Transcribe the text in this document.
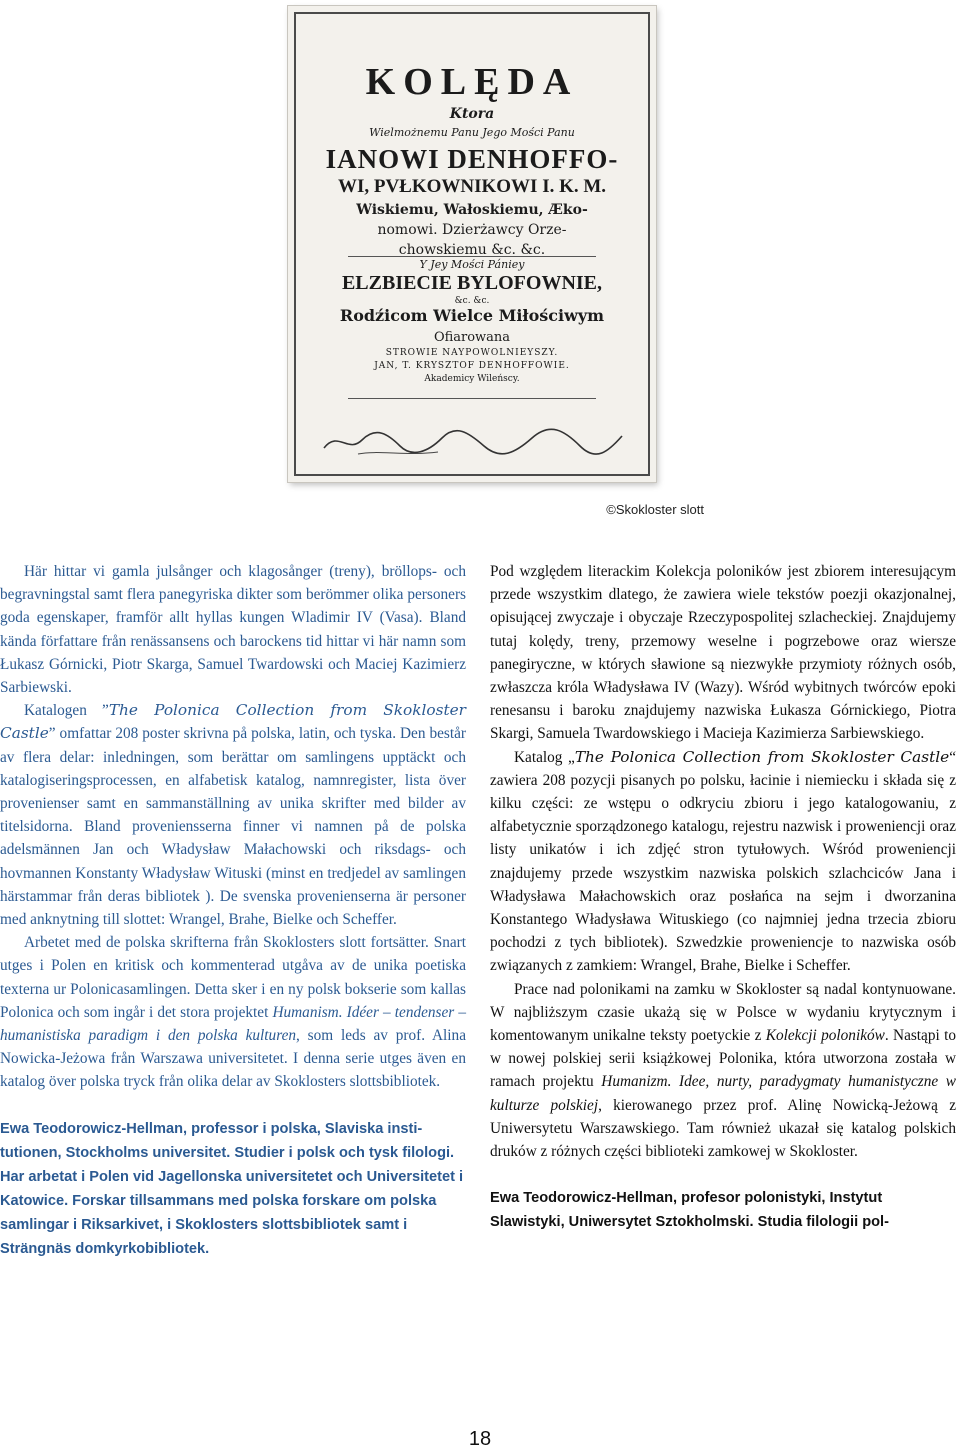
KOLĘDA
Ktora
Wielmożnemu Panu Jego Mości Panu
IANOWI DENHOFFO-
WI, PVŁKOWNIKOWI I. K. M.
Wiskiemu, Wałoskiemu, Æko-
nomowi. Dzierżawcy Orze-
chowskiemu &c. &c.
Y Jey Mości Pániey
ELZBIECIE BYLOFOWNIE,
&c. &c.
Rodźicom Wielce Miłościwym
Ofiarowana
STROWIE NAYPOWOLNIEYSZY.
JAN, T. KRYSZTOF DENHOFFOWIE.
Akademicy Wileńscy.
©Skokloster slott

Här hittar vi gamla julsånger och klagosånger (treny), bröllops- och begravningstal samt flera panegyriska dikter som berömmer olika personers goda egenskaper, framför allt hyllas kungen Wladimir IV (Vasa). Bland kända författare från renässansens och barockens tid hittar vi här namn som Łukasz Górnicki, Piotr Skarga, Samuel Twardowski och Maciej Kazimierz Sarbiewski.

Katalogen ”The Polonica Collection from Skokloster Castle” omfattar 208 poster skrivna på polska, latin, och tyska. Den består av flera delar: inledningen, som berättar om samlingens upptäckt och katalogiseringsprocessen, en alfabetisk katalog, namnregister, lista över provenienser samt en sammanställning av unika skrifter med bilder av titelsidorna. Bland proveniensserna finner vi namnen på de polska adelsmännen Jan och Władysław Małachowski och riksdags- och hovmannen Konstanty Władysław Wituski (minst en tredjedel av samlingen härstammar från deras bibliotek ). De svenska provenienserna är personer med anknytning till slottet: Wrangel, Brahe, Bielke och Scheffer.

Arbetet med de polska skrifterna från Skoklosters slott fortsätter. Snart utges i Polen en kritisk och kommenterad utgåva av de unika poetiska texterna ur Polonicasamlingen. Detta sker i en ny polsk bokserie som kallas Polonica och som ingår i det stora projektet Humanism. Idéer – tendenser – humanistiska paradigm i den polska kulturen, som leds av prof. Alina Nowicka-Jeżowa från Warszawa universitetet. I denna serie utges även en katalog över polska tryck från olika delar av Skoklosters slottsbibliotek.

Ewa Teodorowicz-Hellman, professor i polska, Slaviska institutionen, Stockholms universitet. Studier i polsk och tysk filologi. Har arbetat i Polen vid Jagellonska universitetet och Universitetet i Katowice. Forskar tillsammans med polska forskare om polska samlingar i Riksarkivet, i Skoklosters slottsbibliotek samt i Strängnäs domkyrkobibliotek.

Pod względem literackim Kolekcja poloników jest zbiorem interesującym przede wszystkim dlatego, że zawiera wiele tekstów poezji okazjonalnej, opisującej zwyczaje i obyczaje Rzeczypospolitej szlacheckiej. Znajdujemy tutaj kolędy, treny, przemowy weselne i pogrzebowe oraz wiersze panegiryczne, w których sławione są niezwykłe przymioty różnych osób, zwłaszcza króla Władysława IV (Wazy). Wśród wybitnych twórców epoki renesansu i baroku znajdujemy nazwiska Łukasza Górnickiego, Piotra Skargi, Samuela Twardowskiego i Macieja Kazimierza Sarbiewskiego.

Katalog „The Polonica Collection from Skokloster Castle“ zawiera 208 pozycji pisanych po polsku, łacinie i niemiecku i składa się z kilku części: ze wstępu o odkryciu zbioru i jego katalogowaniu, z alfabetycznie sporządzonego katalogu, rejestru nazwisk i proweniencji oraz listy unikatów i ich zdjęć stron tytułowych. Wśród proweniencji znajdujemy przede wszystkim nazwiska polskich szlachciców Jana i Władysława Małachowskich oraz posłańca na sejm i dworzanina Konstantego Władysława Wituskiego (co najmniej jedna trzecia zbioru pochodzi z tych bibliotek). Szwedzkie proweniencje to nazwiska osób związanych z zamkiem: Wrangel, Brahe, Bielke i Scheffer.

Prace nad polonikami na zamku w Skokloster są nadal kontynuowane. W najbliższym czasie ukażą się w Polsce w wydaniu krytycznym i komentowanym unikalne teksty poetyckie z Kolekcji poloników. Nastąpi to w nowej polskiej serii książkowej Polonika, która utworzona została w ramach projektu Humanizm. Idee, nurty, paradygmaty humanistyczne w kulturze polskiej, kierowanego przez prof. Alinę Nowicką-Jeżową z Uniwersytetu Warszawskiego. Tam również ukazał się katalog polskich druków z różnych części biblioteki zamkowej w Skokloster.

Ewa Teodorowicz-Hellman, profesor polonistyki, Instytut Slawistyki, Uniwersytet Sztokholmski. Studia filologii pol-

18
